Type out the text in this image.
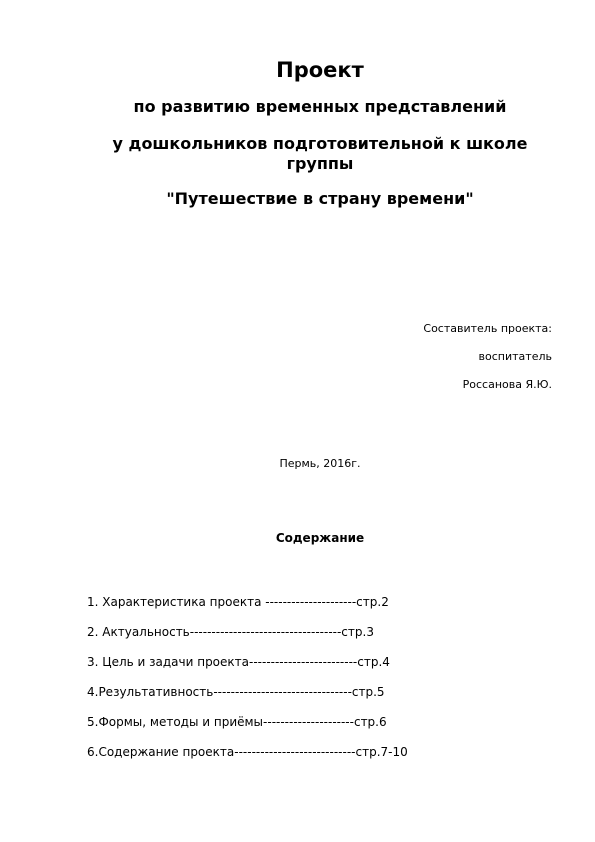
Проект

по развитию временных представлений

у дошкольников подготовительной к школе группы

"Путешествие в страну времени"

Составитель проекта:

воспитатель

Россанова Я.Ю.

Пермь, 2016г.

Содержание

1. Характеристика проекта ---------------------стр.2
2. Актуальность-----------------------------------стр.3
3. Цель и задачи проекта-------------------------стр.4
4.Результативность--------------------------------стр.5
5.Формы, методы и приёмы---------------------стр.6
6.Содержание проекта----------------------------стр.7-10
